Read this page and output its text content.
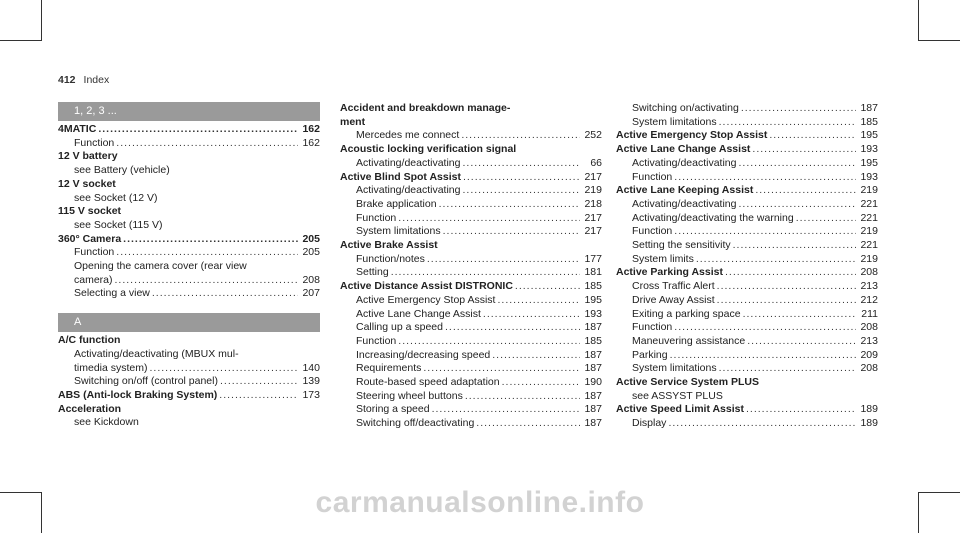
412 Index
1, 2, 3 ...
4MATIC .....	162
Function .....	162
12 V battery
see Battery (vehicle)
12 V socket
see Socket (12 V)
115 V socket
see Socket (115 V)
360° Camera .....	205
Function .....	205
Opening the camera cover (rear view
camera) .....	208
Selecting a view .....	207
A
A/C function
Activating/deactivating (MBUX mul-
timedia system) .....	140
Switching on/off (control panel) .....	139
ABS (Anti-lock Braking System) .....	173
Acceleration
see Kickdown
Accident and breakdown manage-
ment
Mercedes me connect .....	252
Acoustic locking verification signal
Activating/deactivating .....	66
Active Blind Spot Assist .....	217
Activating/deactivating .....	219
Brake application .....	218
Function .....	217
System limitations .....	217
Active Brake Assist
Function/notes .....	177
Setting .....	181
Active Distance Assist DISTRONIC .....	185
Active Emergency Stop Assist .....	195
Active Lane Change Assist .....	193
Calling up a speed .....	187
Function .....	185
Increasing/decreasing speed .....	187
Requirements .....	187
Route-based speed adaptation .....	190
Steering wheel buttons .....	187
Storing a speed .....	187
Switching off/deactivating .....	187
Switching on/activating .....	187
System limitations .....	185
Active Emergency Stop Assist .....	195
Active Lane Change Assist .....	193
Activating/deactivating .....	195
Function .....	193
Active Lane Keeping Assist .....	219
Activating/deactivating .....	221
Activating/deactivating the warning .....	221
Function .....	219
Setting the sensitivity .....	221
System limits .....	219
Active Parking Assist .....	208
Cross Traffic Alert .....	213
Drive Away Assist .....	212
Exiting a parking space .....	211
Function .....	208
Maneuvering assistance .....	213
Parking .....	209
System limitations .....	208
Active Service System PLUS
see ASSYST PLUS
Active Speed Limit Assist .....	189
Display .....	189
carmanualsonline.info
